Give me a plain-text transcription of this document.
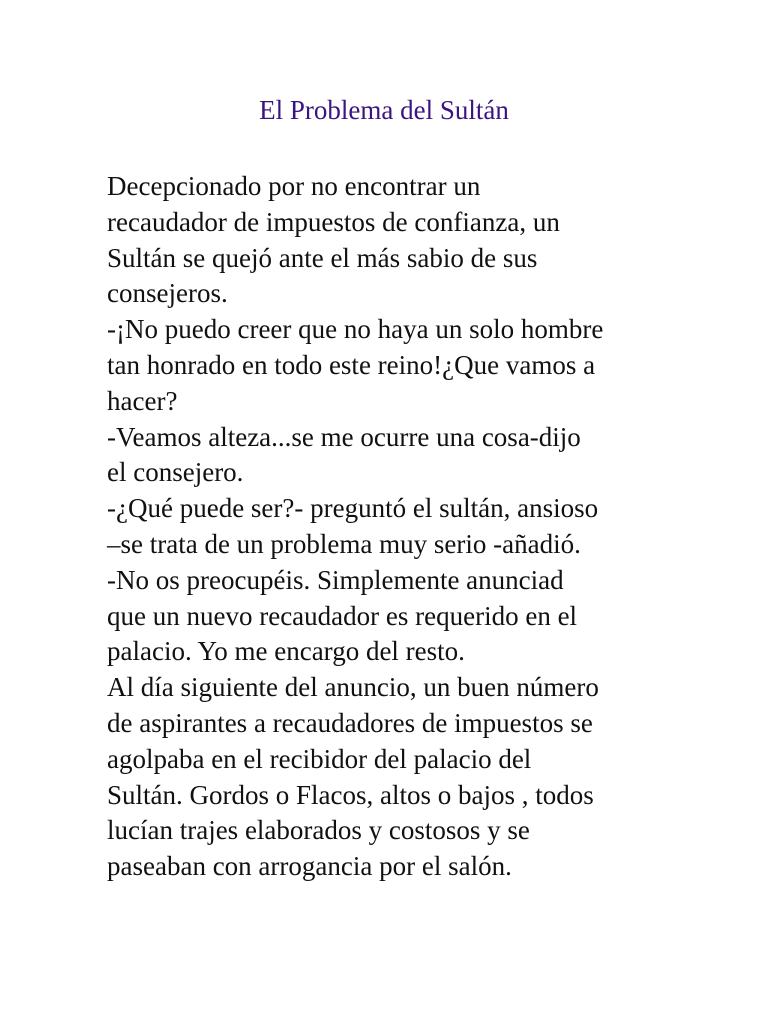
El Problema del Sultán
Decepcionado por no encontrar un
recaudador de impuestos de confianza, un
Sultán se quejó ante el más sabio de sus
consejeros.
-¡No puedo creer que no haya un solo hombre
tan honrado en todo este reino!¿Que vamos a
hacer?
-Veamos alteza...se me ocurre una cosa-dijo
el consejero.
-¿Qué puede ser?- preguntó el sultán, ansioso
–se trata de un problema muy serio -añadió.
-No os preocupéis. Simplemente anunciad
que un nuevo recaudador es requerido en el
palacio. Yo me encargo del resto.
Al día siguiente del anuncio, un buen número
de aspirantes a recaudadores de impuestos se
agolpaba en el recibidor del palacio del
Sultán. Gordos o Flacos, altos o bajos , todos
lucían trajes elaborados y costosos y se
paseaban con arrogancia por el salón.
